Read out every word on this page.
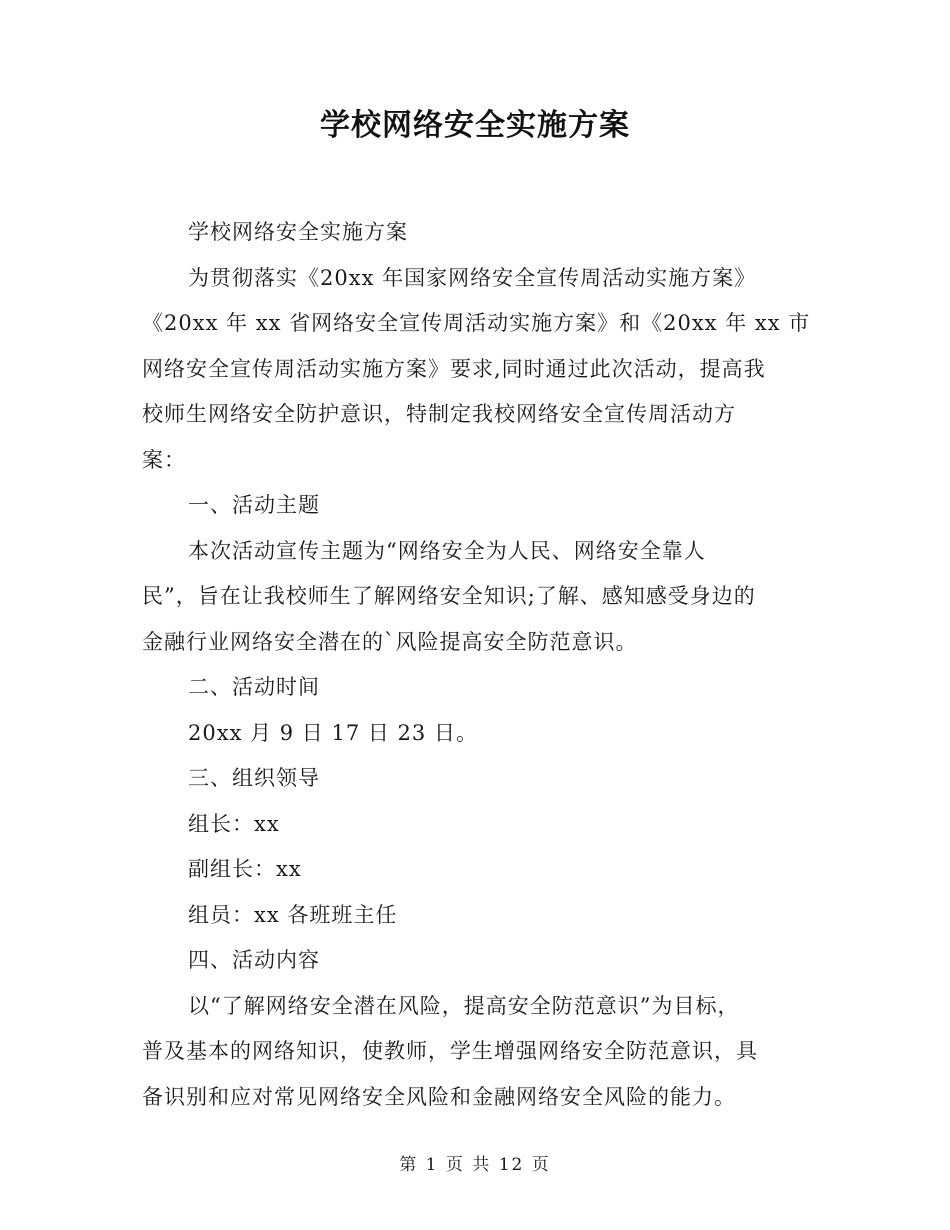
学校网络安全实施方案
学校网络安全实施方案
为贯彻落实《20xx 年国家网络安全宣传周活动实施方案》
《20xx 年 xx 省网络安全宣传周活动实施方案》和《20xx 年 xx 市
网络安全宣传周活动实施方案》要求,同时通过此次活动，提高我
校师生网络安全防护意识，特制定我校网络安全宣传周活动方
案：
一、活动主题
本次活动宣传主题为“网络安全为人民、网络安全靠人
民”，旨在让我校师生了解网络安全知识;了解、感知感受身边的
金融行业网络安全潜在的`风险提高安全防范意识。
二、活动时间
20xx 月 9 日 17 日 23 日。
三、组织领导
组长：xx
副组长：xx
组员：xx 各班班主任
四、活动内容
以“了解网络安全潜在风险，提高安全防范意识”为目标，
普及基本的网络知识，使教师，学生增强网络安全防范意识，具
备识别和应对常见网络安全风险和金融网络安全风险的能力。
第 1 页 共 12 页
